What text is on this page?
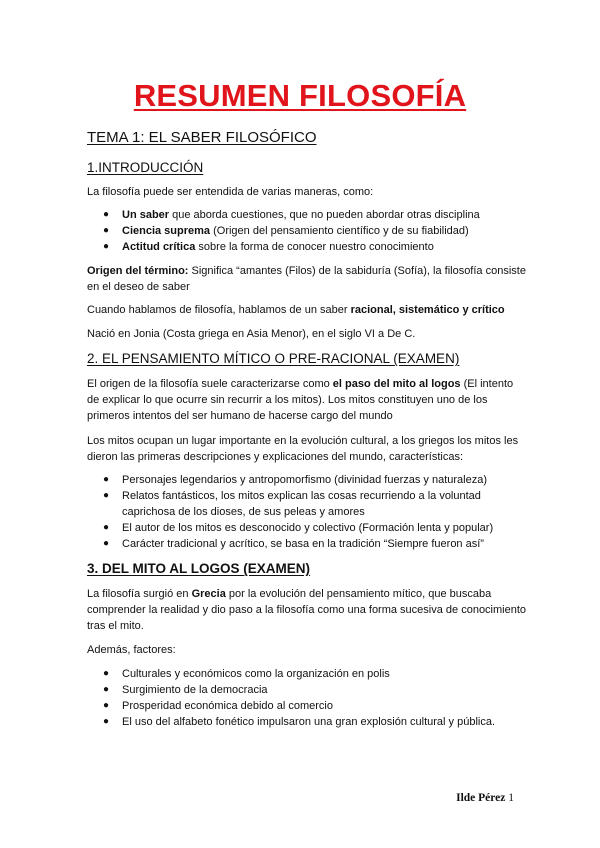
RESUMEN FILOSOFÍA
TEMA 1: EL SABER FILOSÓFICO
1.INTRODUCCIÓN
La filosofía puede ser entendida de varias maneras, como:
● Un saber que aborda cuestiones, que no pueden abordar otras disciplina
● Ciencia suprema (Origen del pensamiento científico y de su fiabilidad)
● Actitud crítica sobre la forma de conocer nuestro conocimiento
Origen del término: Significa “amantes (Filos) de la sabiduría (Sofía), la filosofía consiste en el deseo de saber
Cuando hablamos de filosofía, hablamos de un saber racional, sistemático y crítico
Nació en Jonia (Costa griega en Asia Menor), en el siglo VI a De C.
2. EL PENSAMIENTO MÍTICO O PRE-RACIONAL (EXAMEN)
El origen de la filosofía suele caracterizarse como el paso del mito al logos (El intento de explicar lo que ocurre sin recurrir a los mitos). Los mitos constituyen uno de los primeros intentos del ser humano de hacerse cargo del mundo
Los mitos ocupan un lugar importante en la evolución cultural, a los griegos los mitos les dieron las primeras descripciones y explicaciones del mundo, características:
● Personajes legendarios y antropomorfismo (divinidad fuerzas y naturaleza)
● Relatos fantásticos, los mitos explican las cosas recurriendo a la voluntad caprichosa de los dioses, de sus peleas y amores
● El autor de los mitos es desconocido y colectivo (Formación lenta y popular)
● Carácter tradicional y acrítico, se basa en la tradición “Siempre fueron así”
3. DEL MITO AL LOGOS (EXAMEN)
La filosofía surgió en Grecia por la evolución del pensamiento mítico, que buscaba comprender la realidad y dio paso a la filosofía como una forma sucesiva de conocimiento tras el mito.
Además, factores:
● Culturales y económicos como la organización en polis
● Surgimiento de la democracia
● Prosperidad económica debido al comercio
● El uso del alfabeto fonético impulsaron una gran explosión cultural y pública.
Ilde Pérez 1
